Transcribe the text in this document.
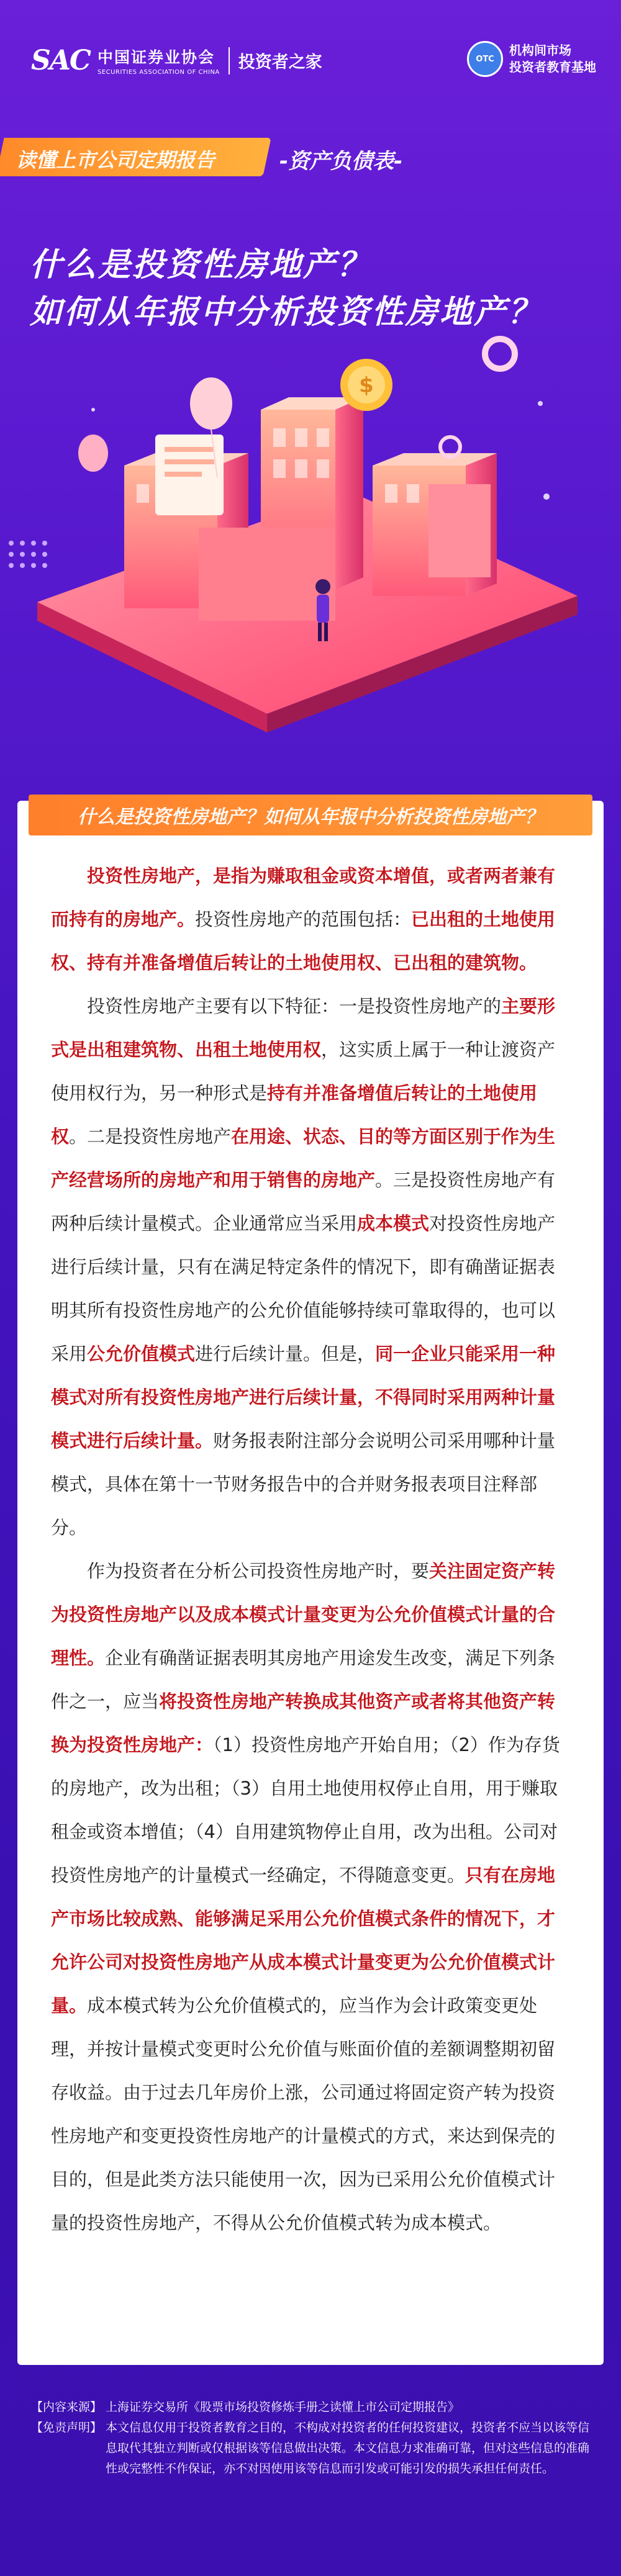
SAC 中国证券业协会
SECURITIES ASSOCIATION OF CHINA
投资者之家	OTC
机构间市场
投资者教育基地
读懂上市公司定期报告	-资产负债表-
什么是投资性房地产？
如何从年报中分析投资性房地产？
$
什么是投资性房地产？如何从年报中分析投资性房地产？

投资性房地产，是指为赚取租金或资本增值，或者两者兼有而持有的房地产。投资性房地产的范围包括：已出租的土地使用权、持有并准备增值后转让的土地使用权、已出租的建筑物。

投资性房地产主要有以下特征：一是投资性房地产的主要形式是出租建筑物、出租土地使用权，这实质上属于一种让渡资产使用权行为，另一种形式是持有并准备增值后转让的土地使用权。二是投资性房地产在用途、状态、目的等方面区别于作为生产经营场所的房地产和用于销售的房地产。三是投资性房地产有两种后续计量模式。企业通常应当采用成本模式对投资性房地产进行后续计量，只有在满足特定条件的情况下，即有确凿证据表明其所有投资性房地产的公允价值能够持续可靠取得的，也可以采用公允价值模式进行后续计量。但是，同一企业只能采用一种模式对所有投资性房地产进行后续计量，不得同时采用两种计量模式进行后续计量。财务报表附注部分会说明公司采用哪种计量模式，具体在第十一节财务报告中的合并财务报表项目注释部分。

作为投资者在分析公司投资性房地产时，要关注固定资产转为投资性房地产以及成本模式计量变更为公允价值模式计量的合理性。企业有确凿证据表明其房地产用途发生改变，满足下列条件之一，应当将投资性房地产转换成其他资产或者将其他资产转换为投资性房地产：（1）投资性房地产开始自用；（2）作为存货的房地产，改为出租；（3）自用土地使用权停止自用，用于赚取租金或资本增值；（4）自用建筑物停止自用，改为出租。公司对投资性房地产的计量模式一经确定，不得随意变更。只有在房地产市场比较成熟、能够满足采用公允价值模式条件的情况下，才允许公司对投资性房地产从成本模式计量变更为公允价值模式计量。成本模式转为公允价值模式的，应当作为会计政策变更处理，并按计量模式变更时公允价值与账面价值的差额调整期初留存收益。由于过去几年房价上涨，公司通过将固定资产转为投资性房地产和变更投资性房地产的计量模式的方式，来达到保壳的目的，但是此类方法只能使用一次，因为已采用公允价值模式计量的投资性房地产，不得从公允价值模式转为成本模式。

【内容来源】 上海证券交易所《股票市场投资修炼手册之读懂上市公司定期报告》
【免责声明】 本文信息仅用于投资者教育之目的，不构成对投资者的任何投资建议，投资者不应当以该等信息取代其独立判断或仅根据该等信息做出决策。本文信息力求准确可靠，但对这些信息的准确性或完整性不作保证，亦不对因使用该等信息而引发或可能引发的损失承担任何责任。
